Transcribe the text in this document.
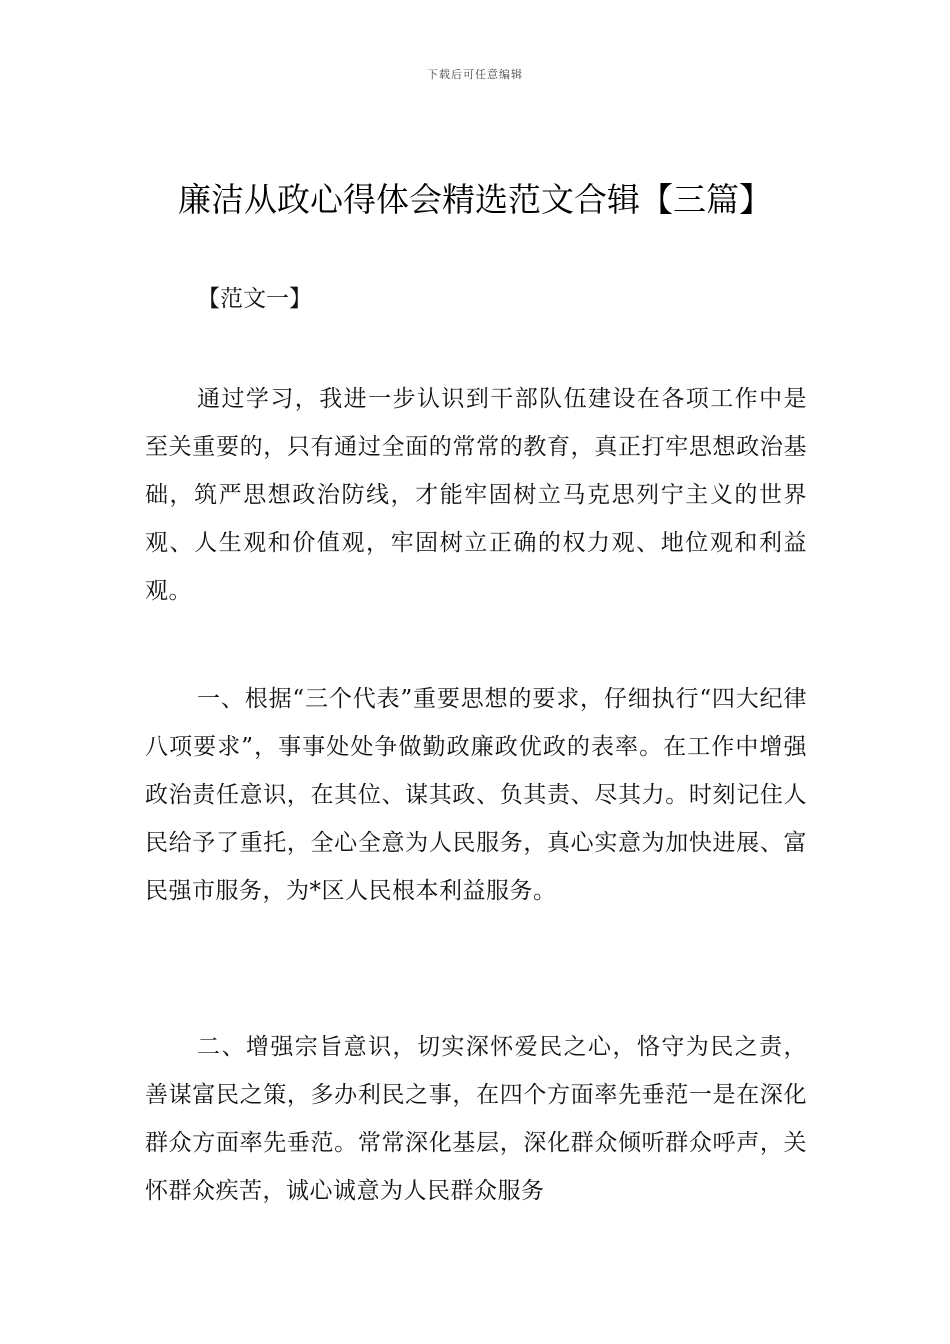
下载后可任意编辑
廉洁从政心得体会精选范文合辑【三篇】
【范文一】

通过学习，我进一步认识到干部队伍建设在各项工作中是至关重要的，只有通过全面的常常的教育，真正打牢思想政治基础，筑严思想政治防线，才能牢固树立马克思列宁主义的世界观、人生观和价值观，牢固树立正确的权力观、地位观和利益观。

一、根据“三个代表”重要思想的要求，仔细执行“四大纪律八项要求”，事事处处争做勤政廉政优政的表率。在工作中增强政治责任意识，在其位、谋其政、负其责、尽其力。时刻记住人民给予了重托，全心全意为人民服务，真心实意为加快进展、富民强市服务，为*区人民根本利益服务。

二、增强宗旨意识，切实深怀爱民之心，恪守为民之责，善谋富民之策，多办利民之事，在四个方面率先垂范一是在深化群众方面率先垂范。常常深化基层，深化群众倾听群众呼声，关怀群众疾苦，诚心诚意为人民群众服务
